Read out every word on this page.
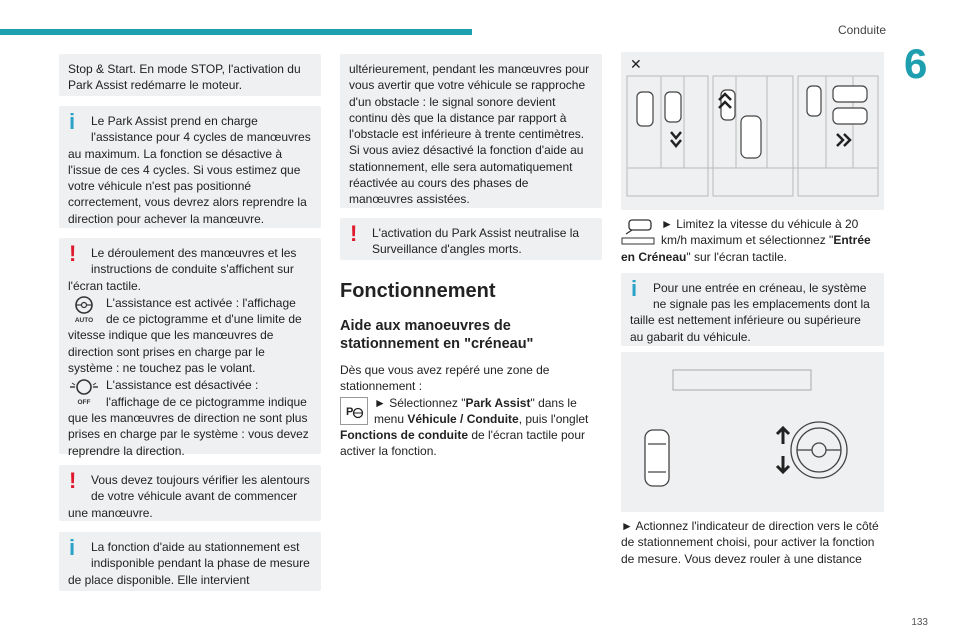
Conduite
6
133

Stop & Start. En mode STOP, l'activation du Park Assist redémarre le moteur.

i Le Park Assist prend en charge l'assistance pour 4 cycles de manœuvres au maximum. La fonction se désactive à l'issue de ces 4 cycles. Si vous estimez que votre véhicule n'est pas positionné correctement, vous devrez alors reprendre la direction pour achever la manœuvre.

! Le déroulement des manœuvres et les instructions de conduite s'affichent sur l'écran tactile.

AUTO
L'assistance est activée : l'affichage de ce pictogramme et d'une limite de vitesse indique que les manœuvres de direction sont prises en charge par le système : ne touchez pas le volant.

OFF
L'assistance est désactivée : l'affichage de ce pictogramme indique que les manœuvres de direction ne sont plus prises en charge par le système : vous devez reprendre la direction.

! Vous devez toujours vérifier les alentours de votre véhicule avant de commencer une manœuvre.

i La fonction d'aide au stationnement est indisponible pendant la phase de mesure de place disponible. Elle intervient

ultérieurement, pendant les manœuvres pour vous avertir que votre véhicule se rapproche d'un obstacle : le signal sonore devient continu dès que la distance par rapport à l'obstacle est inférieure à trente centimètres. Si vous aviez désactivé la fonction d'aide au stationnement, elle sera automatiquement réactivée au cours des phases de manœuvres assistées.

! L'activation du Park Assist neutralise la Surveillance d'angles morts.

Fonctionnement
Aide aux manoeuvres de stationnement en "créneau"

Dès que vous avez repéré une zone de stationnement :

P
► Sélectionnez "Park Assist" dans le menu Véhicule / Conduite, puis l'onglet Fonctions de conduite de l'écran tactile pour activer la fonction.

✕

► Limitez la vitesse du véhicule à 20 km/h maximum et sélectionnez "Entrée en Créneau" sur l'écran tactile.

i Pour une entrée en créneau, le système ne signale pas les emplacements dont la taille est nettement inférieure ou supérieure au gabarit du véhicule.

► Actionnez l'indicateur de direction vers le côté de stationnement choisi, pour activer la fonction de mesure. Vous devez rouler à une distance
